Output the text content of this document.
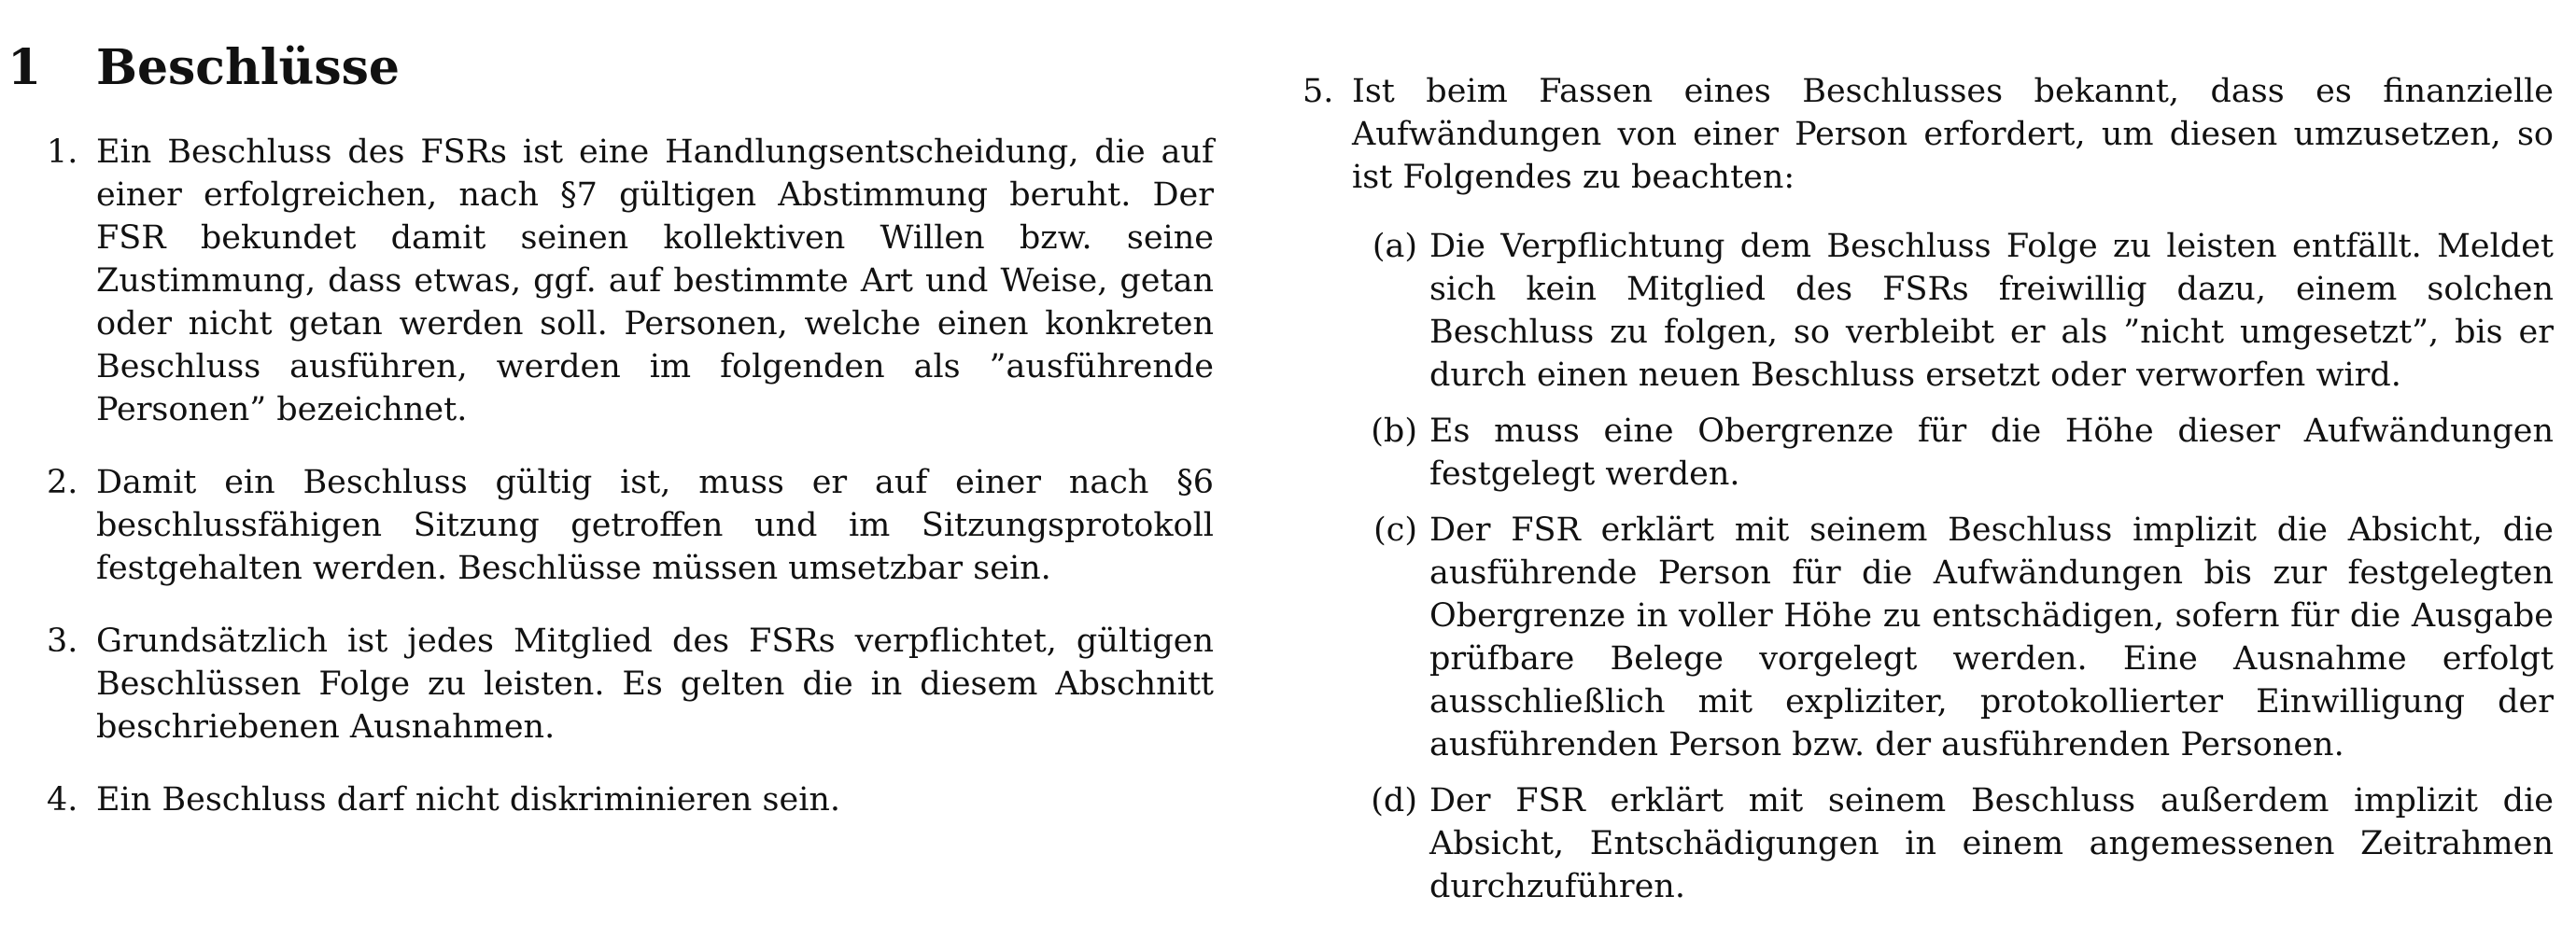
1 Beschlüsse
1. Ein Beschluss des FSRs ist eine Handlungsentscheidung, die auf einer erfolgreichen, nach §7 gültigen Abstimmung beruht. Der FSR bekundet damit seinen kollektiven Willen bzw. seine Zustimmung, dass etwas, ggf. auf bestimmte Art und Weise, getan oder nicht getan werden soll. Personen, welche einen konkreten Beschluss ausführen, werden im folgenden als ”ausführende Personen” bezeichnet.
2. Damit ein Beschluss gültig ist, muss er auf einer nach §6 beschlussfähigen Sitzung getroffen und im Sitzungsprotokoll festgehalten werden. Beschlüsse müssen umsetzbar sein.
3. Grundsätzlich ist jedes Mitglied des FSRs verpflichtet, gültigen Beschlüssen Folge zu leisten. Es gelten die in diesem Abschnitt beschriebenen Ausnahmen.
4. Ein Beschluss darf nicht diskriminieren sein.
5. Ist beim Fassen eines Beschlusses bekannt, dass es finanzielle Aufwändungen von einer Person erfordert, um diesen umzusetzen, so ist Folgendes zu beachten:
(a) Die Verpflichtung dem Beschluss Folge zu leisten entfällt. Meldet sich kein Mitglied des FSRs freiwillig dazu, einem solchen Beschluss zu folgen, so verbleibt er als ”nicht umgesetzt”, bis er durch einen neuen Beschluss ersetzt oder verworfen wird.
(b) Es muss eine Obergrenze für die Höhe dieser Aufwändungen festgelegt werden.
(c) Der FSR erklärt mit seinem Beschluss implizit die Absicht, die ausführende Person für die Aufwändungen bis zur festgelegten Obergrenze in voller Höhe zu entschädigen, sofern für die Ausgabe prüfbare Belege vorgelegt werden. Eine Ausnahme erfolgt ausschließlich mit expliziter, protokollierter Einwilligung der ausführenden Person bzw. der ausführenden Personen.
(d) Der FSR erklärt mit seinem Beschluss außerdem implizit die Absicht, Entschädigungen in einem angemessenen Zeitrahmen durchzuführen.
